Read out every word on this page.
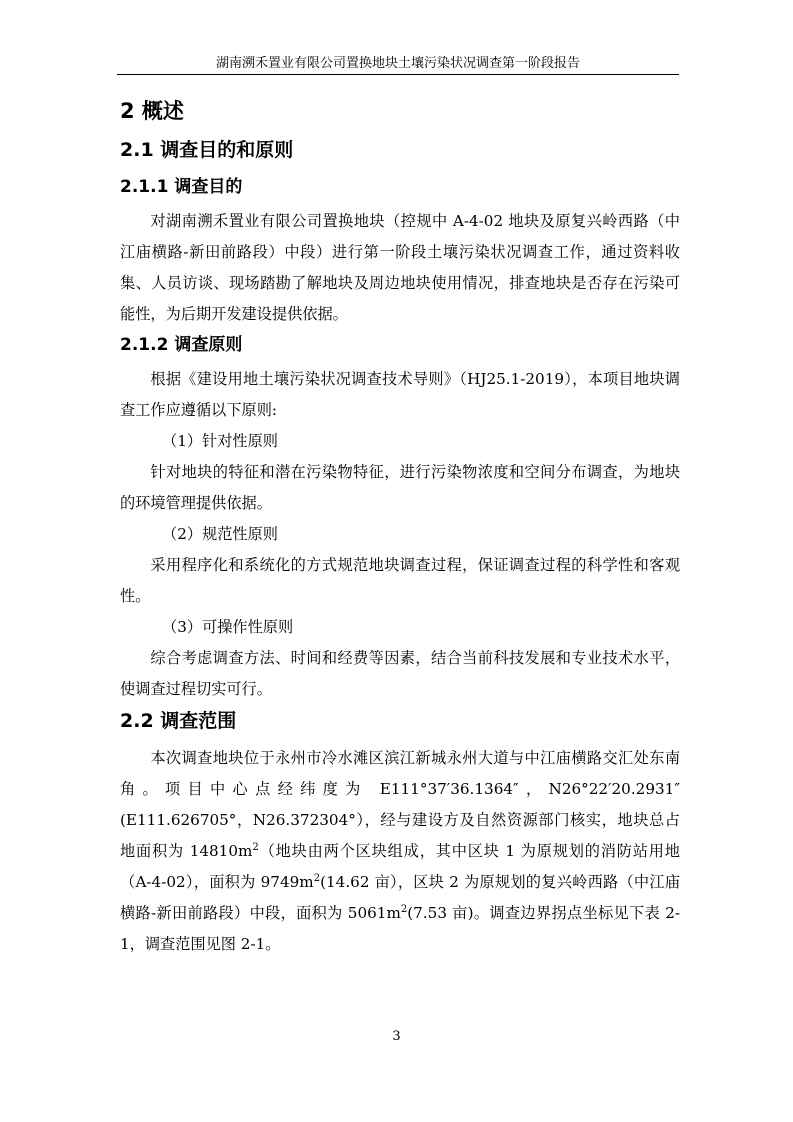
湖南溯禾置业有限公司置换地块土壤污染状况调查第一阶段报告
2 概述
2.1 调查目的和原则
2.1.1 调查目的

对湖南溯禾置业有限公司置换地块（控规中 A-4-02 地块及原复兴岭西路（中江庙横路-新田前路段）中段）进行第一阶段土壤污染状况调查工作，通过资料收集、人员访谈、现场踏勘了解地块及周边地块使用情况，排查地块是否存在污染可能性，为后期开发建设提供依据。

2.1.2 调查原则

根据《建设用地土壤污染状况调查技术导则》（HJ25.1-2019），本项目地块调查工作应遵循以下原则:

（1）针对性原则

针对地块的特征和潜在污染物特征，进行污染物浓度和空间分布调查，为地块的环境管理提供依据。

（2）规范性原则

采用程序化和系统化的方式规范地块调查过程，保证调查过程的科学性和客观性。

（3）可操作性原则

综合考虑调查方法、时间和经费等因素，结合当前科技发展和专业技术水平，使调查过程切实可行。

2.2 调查范围

本次调查地块位于永州市冷水滩区滨江新城永州大道与中江庙横路交汇处东南角。项目中心点经纬度为 E111°37′36.1364″，N26°22′20.2931″(E111.626705°，N26.372304°），经与建设方及自然资源部门核实，地块总占地面积为 $14810m^2$（地块由两个区块组成，其中区块 1 为原规划的消防站用地（A-4-02），面积为 $9749m^2(14.62$ 亩），区块 2 为原规划的复兴岭西路（中江庙横路-新田前路段）中段，面积为 $5061m^2(7.53$ 亩)。调查边界拐点坐标见下表 2-1，调查范围见图 2-1。

3
